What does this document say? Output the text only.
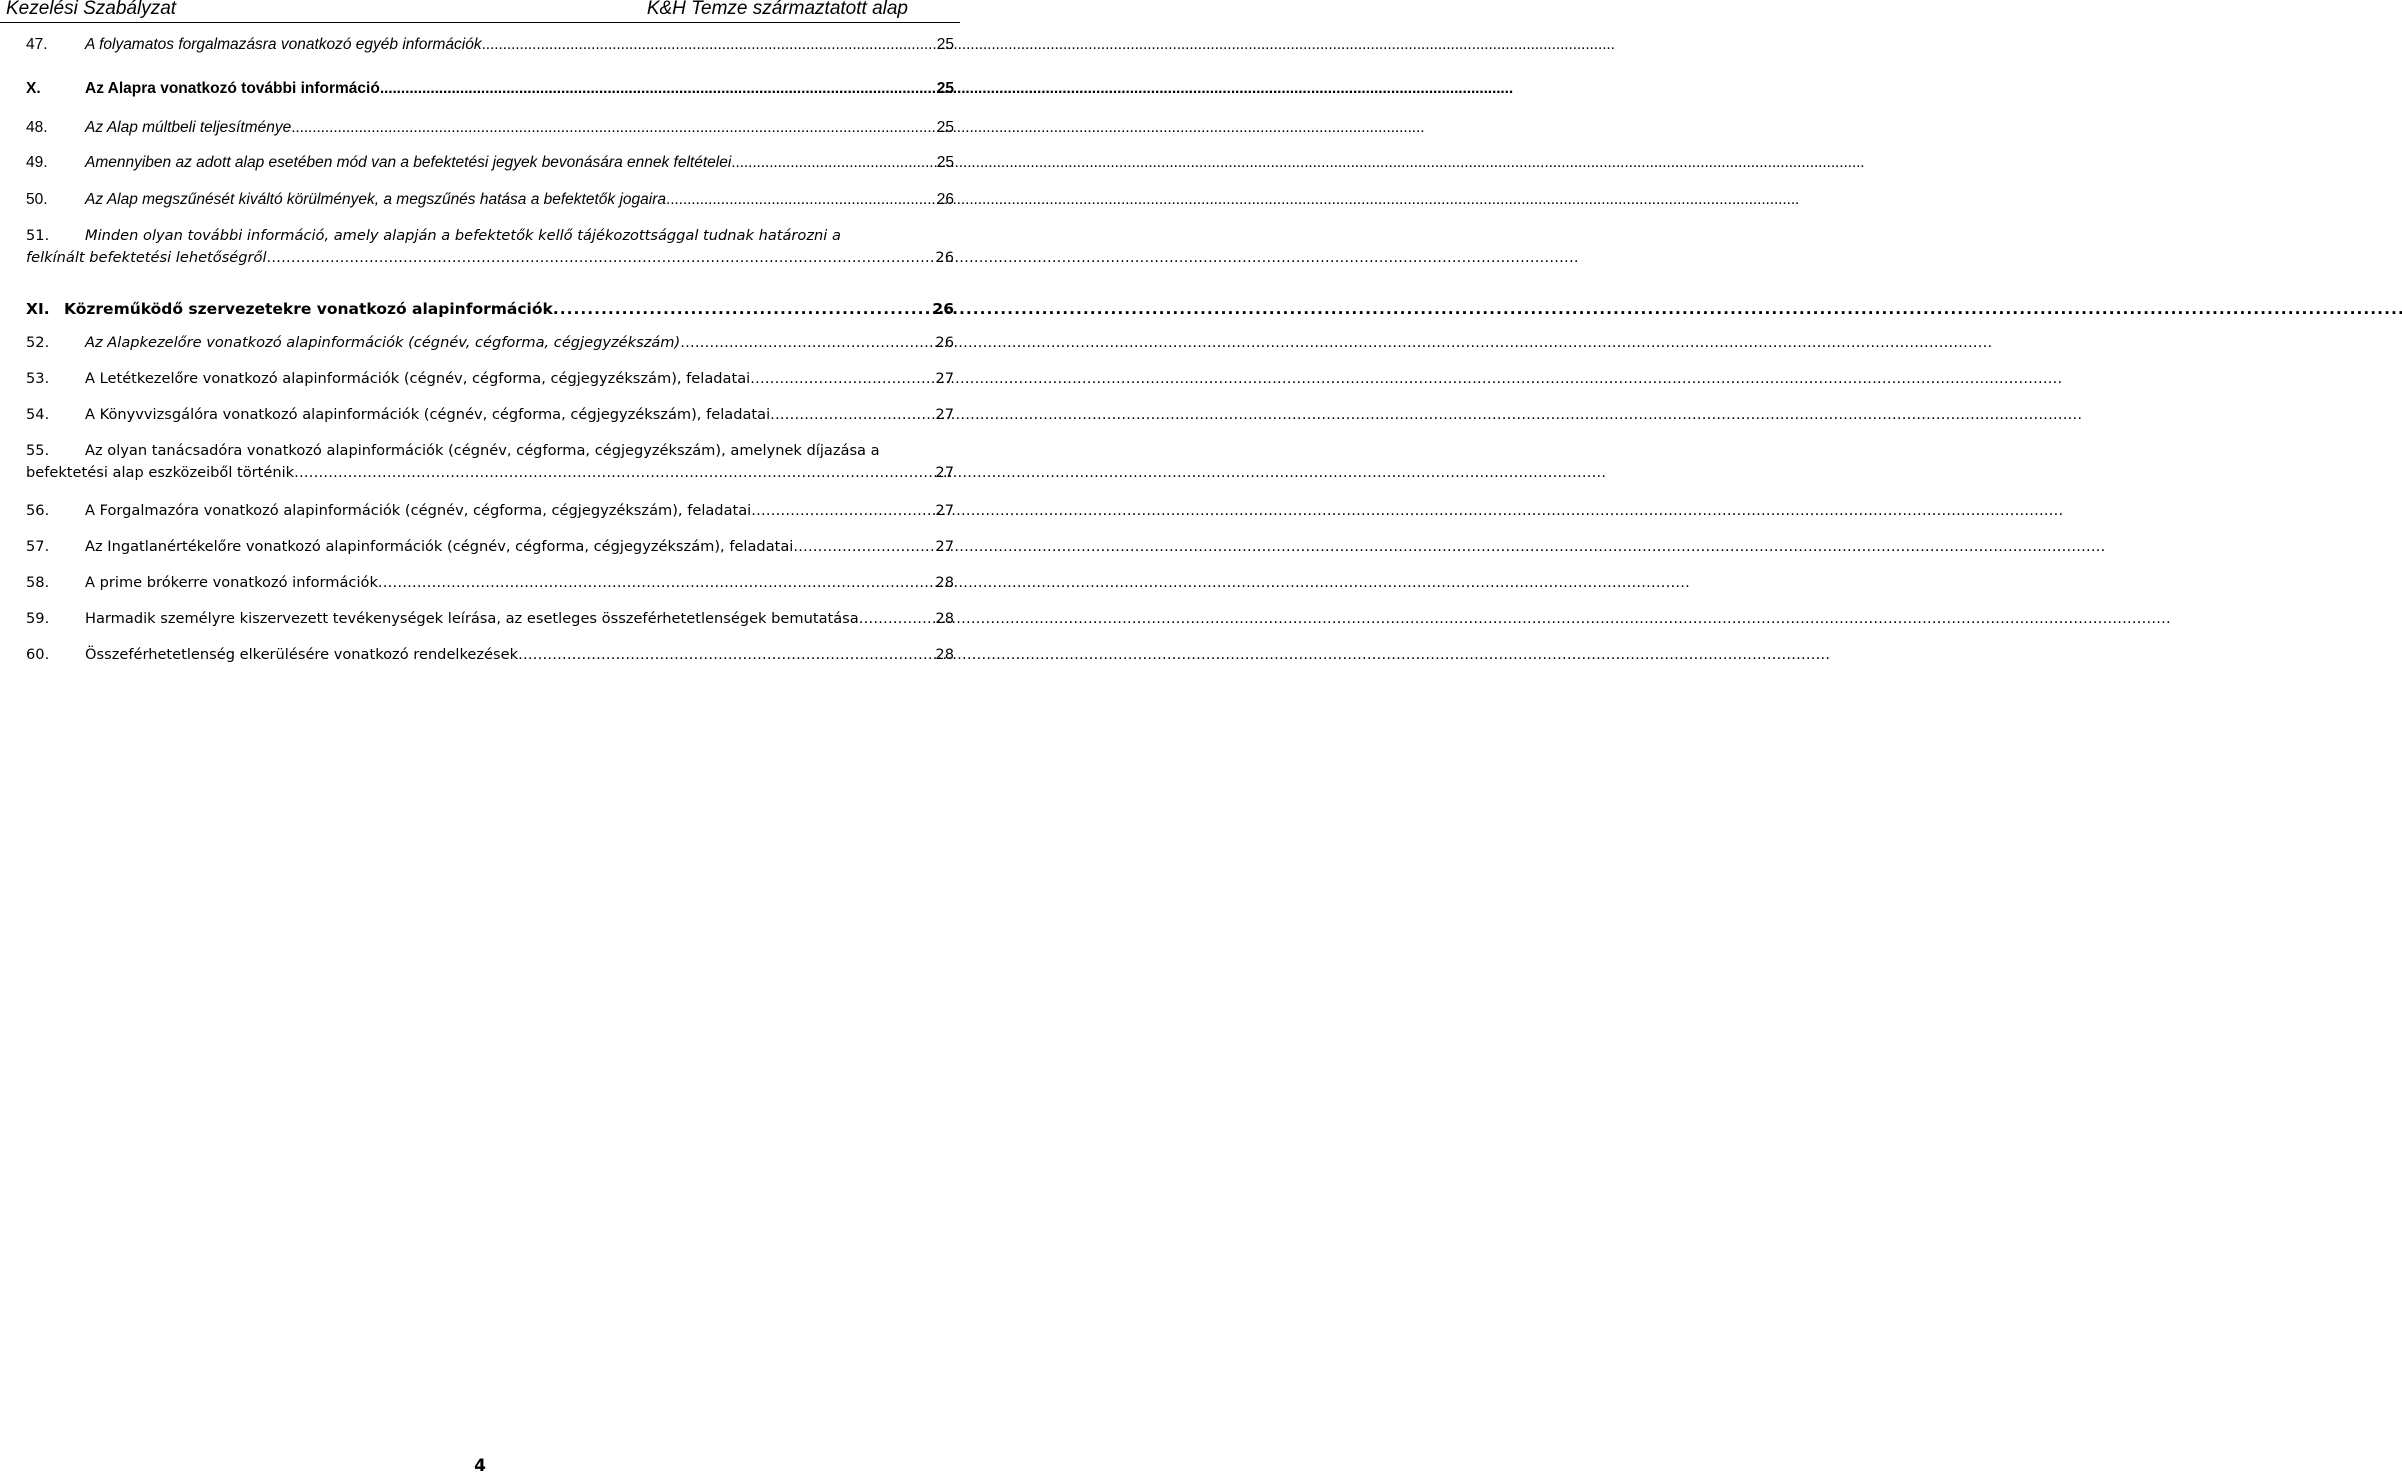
Kezelési Szabályzat	K&H Temze származtatott alap
47.	A folyamatos forgalmazásra vonatkozó egyéb információk . . .	25
X.	Az Alapra vonatkozó további információ . . .	25
48.	Az Alap múltbeli teljesítménye . . .	25
49.	Amennyiben az adott alap esetében mód van a befektetési jegyek bevonására ennek feltételei . . .	25
50.	Az Alap megszűnését kiváltó körülmények, a megszűnés hatása a befektetők jogaira . . .	26
51. Minden olyan további információ, amely alapján a befektetők kellő tájékozottsággal tudnak határozni a
felkínált befektetési lehetőségről . . .	26
XI. Közreműködő szervezetekre vonatkozó alapinformációk . . .	26
52.	Az Alapkezelőre vonatkozó alapinformációk (cégnév, cégforma, cégjegyzékszám) . . .	26
53.	A Letétkezelőre vonatkozó alapinformációk (cégnév, cégforma, cégjegyzékszám), feladatai . . .	27
54.	A Könyvvizsgálóra vonatkozó alapinformációk (cégnév, cégforma, cégjegyzékszám), feladatai . . .	27
55. Az olyan tanácsadóra vonatkozó alapinformációk (cégnév, cégforma, cégjegyzékszám), amelynek díjazása a
befektetési alap eszközeiből történik . . .	27
56.	A Forgalmazóra vonatkozó alapinformációk (cégnév, cégforma, cégjegyzékszám), feladatai . . .	27
57.	Az Ingatlanértékelőre vonatkozó alapinformációk (cégnév, cégforma, cégjegyzékszám), feladatai . . .	27
58.	A prime brókerre vonatkozó információk . . .	28
59.	Harmadik személyre kiszervezett tevékenységek leírása, az esetleges összeférhetetlenségek bemutatása . . .	28
60.	Összeférhetetlenség elkerülésére vonatkozó rendelkezések . . .	28
4
